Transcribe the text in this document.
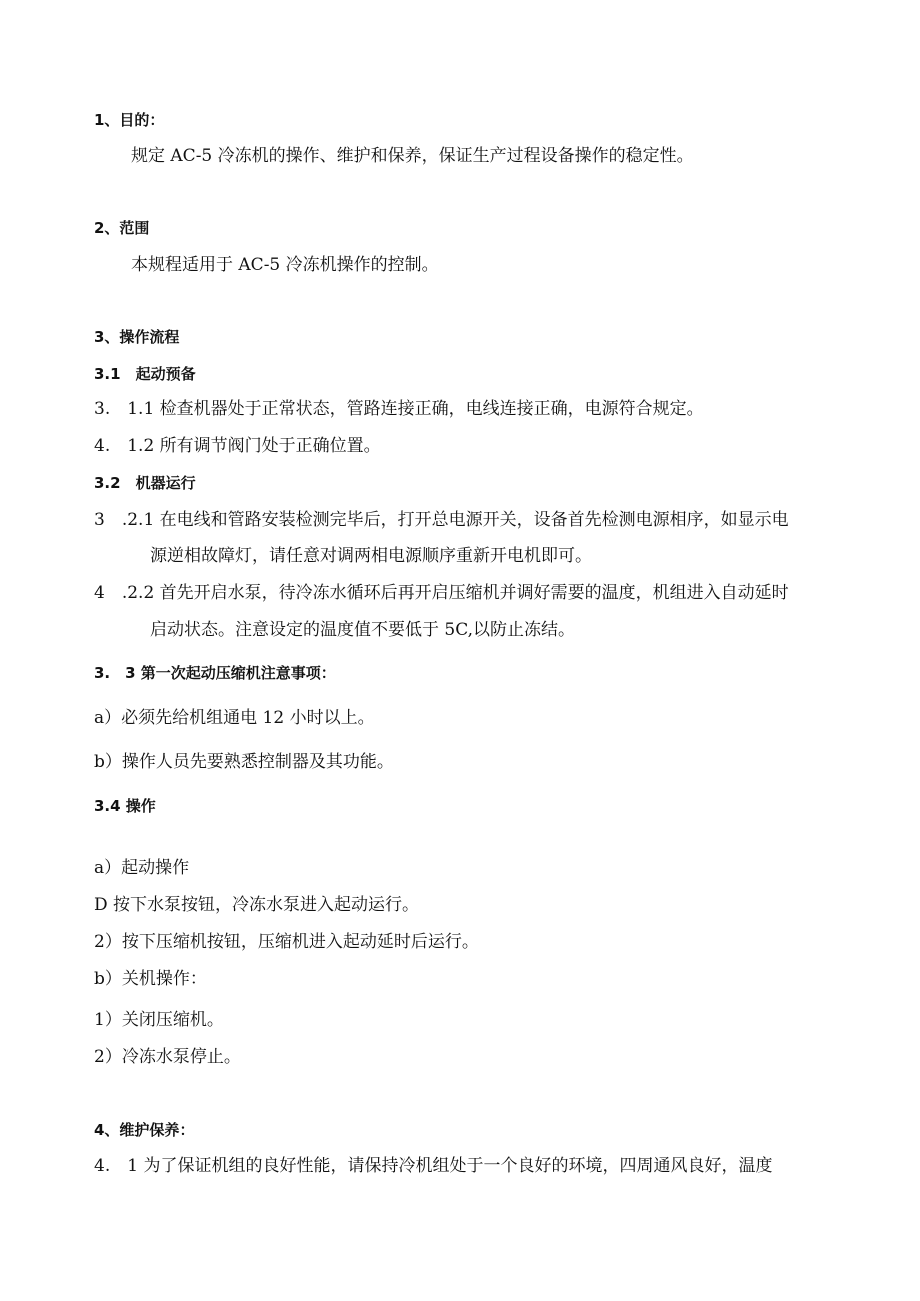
1、目的：
规定 AC-5 冷冻机的操作、维护和保养，保证生产过程设备操作的稳定性。
2、范围
本规程适用于 AC-5 冷冻机操作的控制。
3、操作流程
3.1　起动预备
3.　1.1 检查机器处于正常状态，管路连接正确，电线连接正确，电源符合规定。
4.　1.2 所有调节阀门处于正确位置。
3.2　机器运行
3　.2.1 在电线和管路安装检测完毕后，打开总电源开关，设备首先检测电源相序，如显示电
源逆相故障灯，请任意对调两相电源顺序重新开电机即可。
4　.2.2 首先开启水泵，待冷冻水循环后再开启压缩机并调好需要的温度，机组进入自动延时
启动状态。注意设定的温度值不要低于 5C,以防止冻结。
3.　3 第一次起动压缩机注意事项：
a）必须先给机组通电 12 小时以上。
b）操作人员先要熟悉控制器及其功能。
3.4 操作
a）起动操作
D 按下水泵按钮，冷冻水泵进入起动运行。
2）按下压缩机按钮，压缩机进入起动延时后运行。
b）关机操作：
1）关闭压缩机。
2）冷冻水泵停止。
4、维护保养：
4.　1 为了保证机组的良好性能，请保持冷机组处于一个良好的环境，四周通风良好，温度
